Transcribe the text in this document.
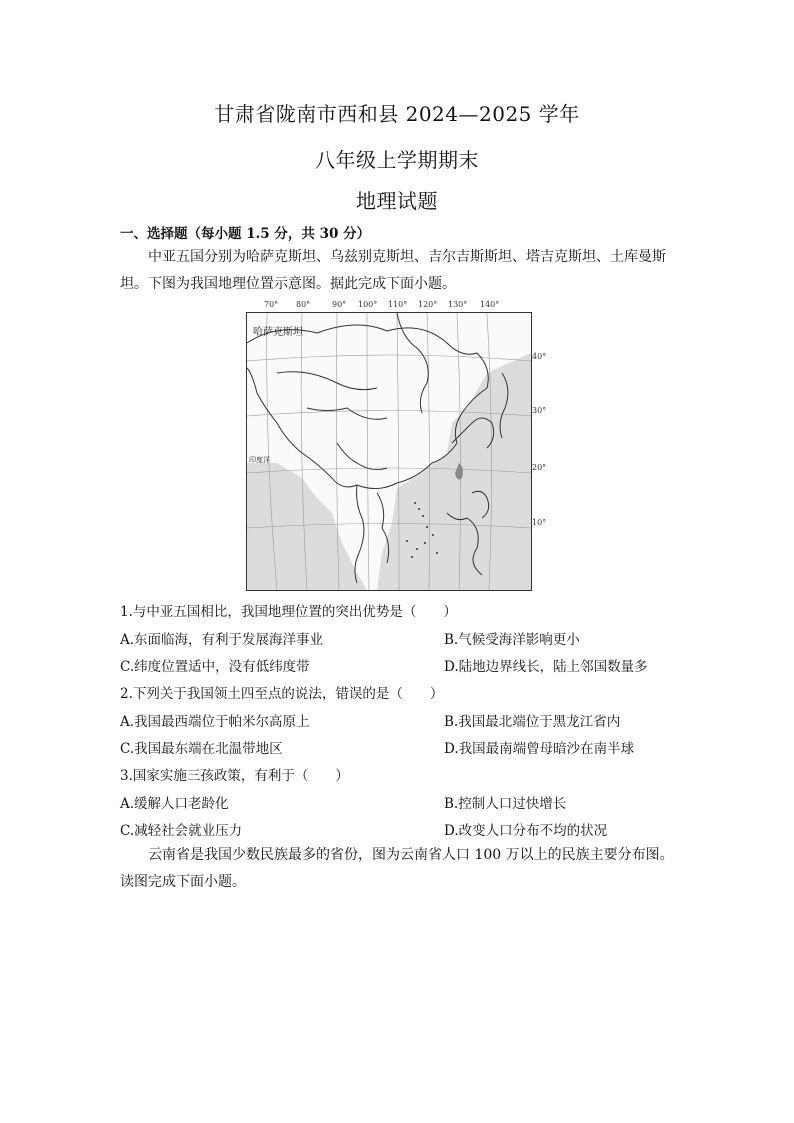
甘肃省陇南市西和县 2024—2025 学年
八年级上学期期末
地理试题
一、选择题（每小题 1.5 分，共 30 分）
中亚五国分别为哈萨克斯坦、乌兹别克斯坦、吉尔吉斯斯坦、塔吉克斯坦、土库曼斯
坦。下图为我国地理位置示意图。据此完成下面小题。
70° 80°	90° 100° 110° 120° 130° 140°
哈萨克斯坦
印度洋
40°
30°
20°
10°
1.与中亚五国相比，我国地理位置的突出优势是（　　）
A.东面临海，有利于发展海洋事业	B.气候受海洋影响更小
C.纬度位置适中，没有低纬度带	D.陆地边界线长，陆上邻国数量多
2.下列关于我国领土四至点的说法，错误的是（　　）
A.我国最西端位于帕米尔高原上	B.我国最北端位于黑龙江省内
C.我国最东端在北温带地区	D.我国最南端曾母暗沙在南半球
3.国家实施三孩政策，有利于（　　）
A.缓解人口老龄化	B.控制人口过快增长
C.减轻社会就业压力	D.改变人口分布不均的状况
云南省是我国少数民族最多的省份，图为云南省人口 100 万以上的民族主要分布图。
读图完成下面小题。
